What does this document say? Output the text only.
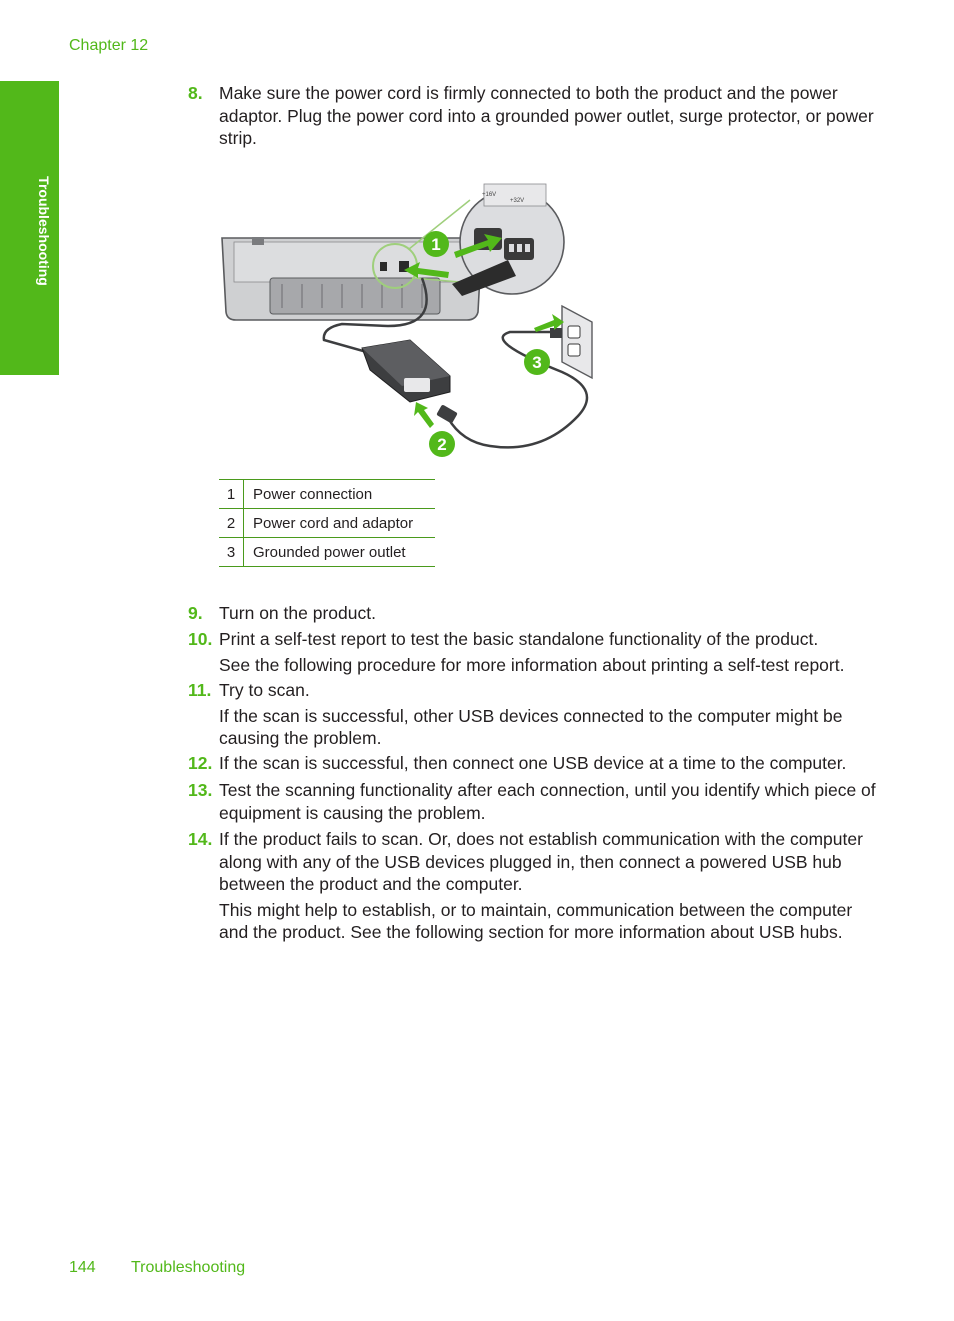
Chapter 12
Troubleshooting
8. Make sure the power cord is firmly connected to both the product and the power adaptor. Plug the power cord into a grounded power outlet, surge protector, or power strip.
+16V
+32V
1
3
2
1	Power connection
2	Power cord and adaptor
3	Grounded power outlet
9. Turn on the product.
10. Print a self-test report to test the basic standalone functionality of the product.
See the following procedure for more information about printing a self-test report.
11. Try to scan.
If the scan is successful, other USB devices connected to the computer might be causing the problem.
12. If the scan is successful, then connect one USB device at a time to the computer.
13. Test the scanning functionality after each connection, until you identify which piece of equipment is causing the problem.
14. If the product fails to scan. Or, does not establish communication with the computer along with any of the USB devices plugged in, then connect a powered USB hub between the product and the computer.
This might help to establish, or to maintain, communication between the computer and the product. See the following section for more information about USB hubs.
144 Troubleshooting
